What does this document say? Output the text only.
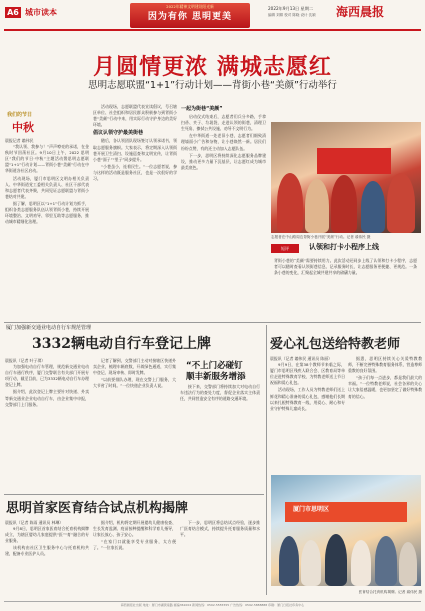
A6 城市读本
2022年精神文明建设阳光新
因为有你 思明更美
2022年9月13日 星期二
编辑 刘婧 校对 陈晓 设计 沈颖 海西晨报
月圆情更浓 满城志愿红
思明志愿联盟“1+1”行动计划——背街小巷“美颜”行动举行
我们的节日
中秋
晨报记者 翁伟民

“我认领、我参与！”声声嘹亮的承诺，在金秋时节回荡社区。9月10日上午，2022 思明区“我们的节日·中秋”主题活动暨思明志愿联盟“1+1”行动计划——背街小巷“美颜”行动在中华街道各社区启动。

活动现场，厦门市思明区文明办相关负责人、中华街道党工委相关负责人、社区干部代表和志愿者代表齐聚，共同见证志愿联盟与背街小巷结对共建。

据了解，思明区以“1+1”行动计划为抓手，组织各类志愿服务队伍认领背街小巷，持续开展环境整治、文明劝导、邻里互助等志愿服务，推动城市精细化治理。

活动现场，志愿联盟代表宣读倡议，号召辖区单位、社会组织和居民群众积极参与到背街小巷“美颜”行动中来，用实际行动守护身边的美好环境。

倡议认领守护最美街巷

随后，各认领团队现场签订认领承诺书，领取志愿服务旗帜。大家表示，将定期深入认领街巷开展卫生清扫、设施巡查和文明宣传，让背街小巷“面子”“里子”同步提升。

“小巷虽小，连着民生。”一位志愿者说，参与这样的活动既是服务社区，也是一次很好的学习。

一起为街巷“美颜”

启动仪式结束后，志愿者们兵分多路，手拿扫帚、夹子、垃圾袋，走进认领的街巷，清理卫生死角、擦拭公共设施、劝导不文明行为。

在中华街道一处老旧小巷，志愿者们细致清理墙面小广告和杂物，让小巷焕然一新。居民们纷纷点赞，有的还主动加入志愿队伍。

下一步，思明区将持续深化志愿服务品牌建设，推动更多力量下沉基层，让志愿红成为城市最美底色。

志愿者在中山路周边背街小巷开展“美颜”行动。记者 翁伟民 摄
短评	认领和打卡小程序上线
背街小巷的“美颜”需要持续用力。此次活动还同步上线了认领和打卡小程序，志愿者可以随时查看认领街巷信息、记录服务时长，让志愿服务更便捷、更规范。一条条小巷的变化，汇聚起全城共建共享的磅礴力量。
厦门加强新交通业电动自行车规范管理
3332辆电动自行车登记上牌
晨报讯（记者 叶子琪）

为加强电动自行车管理，规范新交通业电动自行车通行秩序，厦门交警联合有关部门开展专项行动，截至目前，已为3332辆电动自行车办理登记上牌。

据介绍，此次登记上牌主要针对快递、外卖等新交通业企业电动自行车，由企业集中申报，交警部门上门服务。

记者了解到，交警部门主动对接辖区快递外卖企业，梳理车辆底数，开辟绿色通道，实行集中登记、现场审核、即时发牌。

“以前要排队办理，现在交警上门服务，大大节省了时间。”一位快递企业负责人说。

“不上门必碰钉
顺丰新服务增添

接下来，交警部门将持续加大对电动自行车违法行为的查处力度，督促企业落实主体责任，共同营造安全有序的道路交通环境。

爱心礼包送给特教老师
晨报讯（记者 翁伟民 通讯员 陈丽）

9月9日，在第38个教师节来临之际，厦门市思明区残疾人联合会、区教育局等单位走进特殊教育学校，为特教老师送上节日祝福和爱心礼包。

活动现场，工作人员为特教老师们送上鲜花和精心准备的爱心礼包，感谢他们长期以来扎根特殊教育一线，用爱心、耐心和专业守护特殊儿童成长。

据悉，思明区持续关心关爱特教教师，不断完善特殊教育服务体系，营造尊师重教的良好氛围。

“孩子们每一点进步，都是我们最大的幸福。”一位特教老师说，社会各界的关心让大家倍感温暖，也更加坚定了做好特殊教育的信心。

思明首家医育结合试点机构揭牌
晨报讯（记者 陈雨 通讯员 林琳）

9月8日，思明区首家医育结合托育机构揭牌成立，为辖区婴幼儿家庭提供“医”“育”融合的专业服务。

该机构由社区卫生服务中心与托育机构共建，配备专业医护人员。

据介绍，机构将定期开展婴幼儿健康检查、生长发育监测、疫苗接种提醒和科学育儿指导，让家长放心、孩子安心。

“在家门口就能享受专业服务，太方便了。”一位家长说。

下一步，思明区将总结试点经验，逐步推广医育结合模式，持续提升托育服务质量和水平。

厦门市思明区
医育结合托育机构揭牌。记者 翁伟民 摄
海西晨报社出版 地址：厦门市湖滨南路 邮编361004 新闻热线：0592-5555555 广告热线：0592-5888888 印刷：厦门日报社印务中心
